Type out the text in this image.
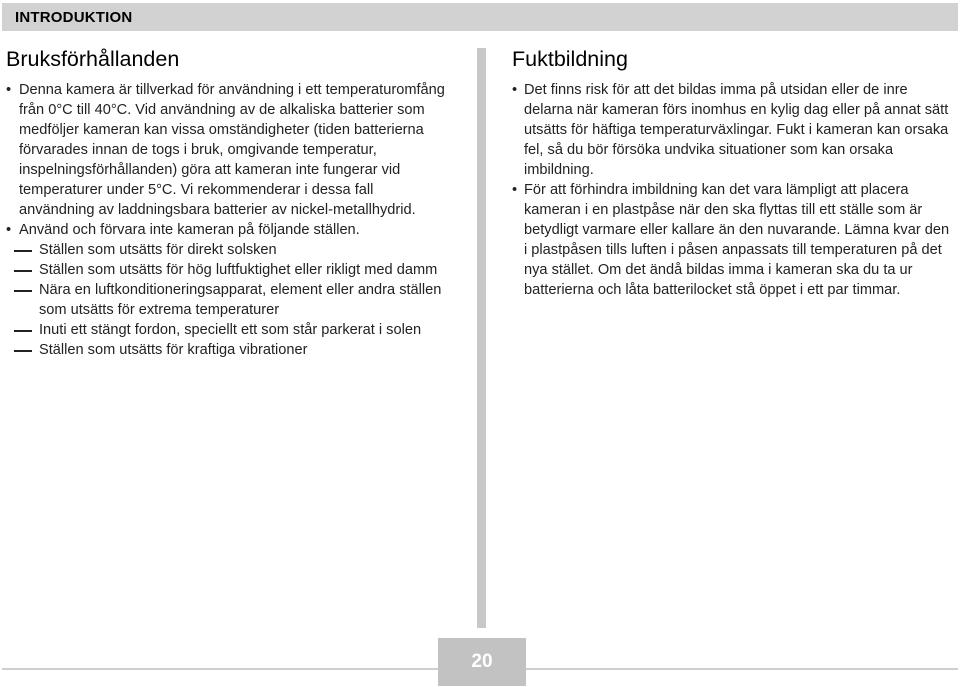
INTRODUKTION
Bruksförhållanden
• Denna kamera är tillverkad för användning i ett temperaturomfång från 0°C till 40°C. Vid användning av de alkaliska batterier som medföljer kameran kan vissa omständigheter (tiden batterierna förvarades innan de togs i bruk, omgivande temperatur, inspelningsförhållanden) göra att kameran inte fungerar vid temperaturer under 5°C. Vi rekommenderar i dessa fall användning av laddningsbara batterier av nickel-metallhydrid.
• Använd och förvara inte kameran på följande ställen.
Ställen som utsätts för direkt solsken
Ställen som utsätts för hög luftfuktighet eller rikligt med damm
Nära en luftkonditioneringsapparat, element eller andra ställen som utsätts för extrema temperaturer
Inuti ett stängt fordon, speciellt ett som står parkerat i solen
Ställen som utsätts för kraftiga vibrationer
Fuktbildning
• Det finns risk för att det bildas imma på utsidan eller de inre delarna när kameran förs inomhus en kylig dag eller på annat sätt utsätts för häftiga temperaturväxlingar. Fukt i kameran kan orsaka fel, så du bör försöka undvika situationer som kan orsaka imbildning.
• För att förhindra imbildning kan det vara lämpligt att placera kameran i en plastpåse när den ska flyttas till ett ställe som är betydligt varmare eller kallare än den nuvarande. Lämna kvar den i plastpåsen tills luften i påsen anpassats till temperaturen på det nya stället. Om det ändå bildas imma i kameran ska du ta ur batterierna och låta batterilocket stå öppet i ett par timmar.
20
